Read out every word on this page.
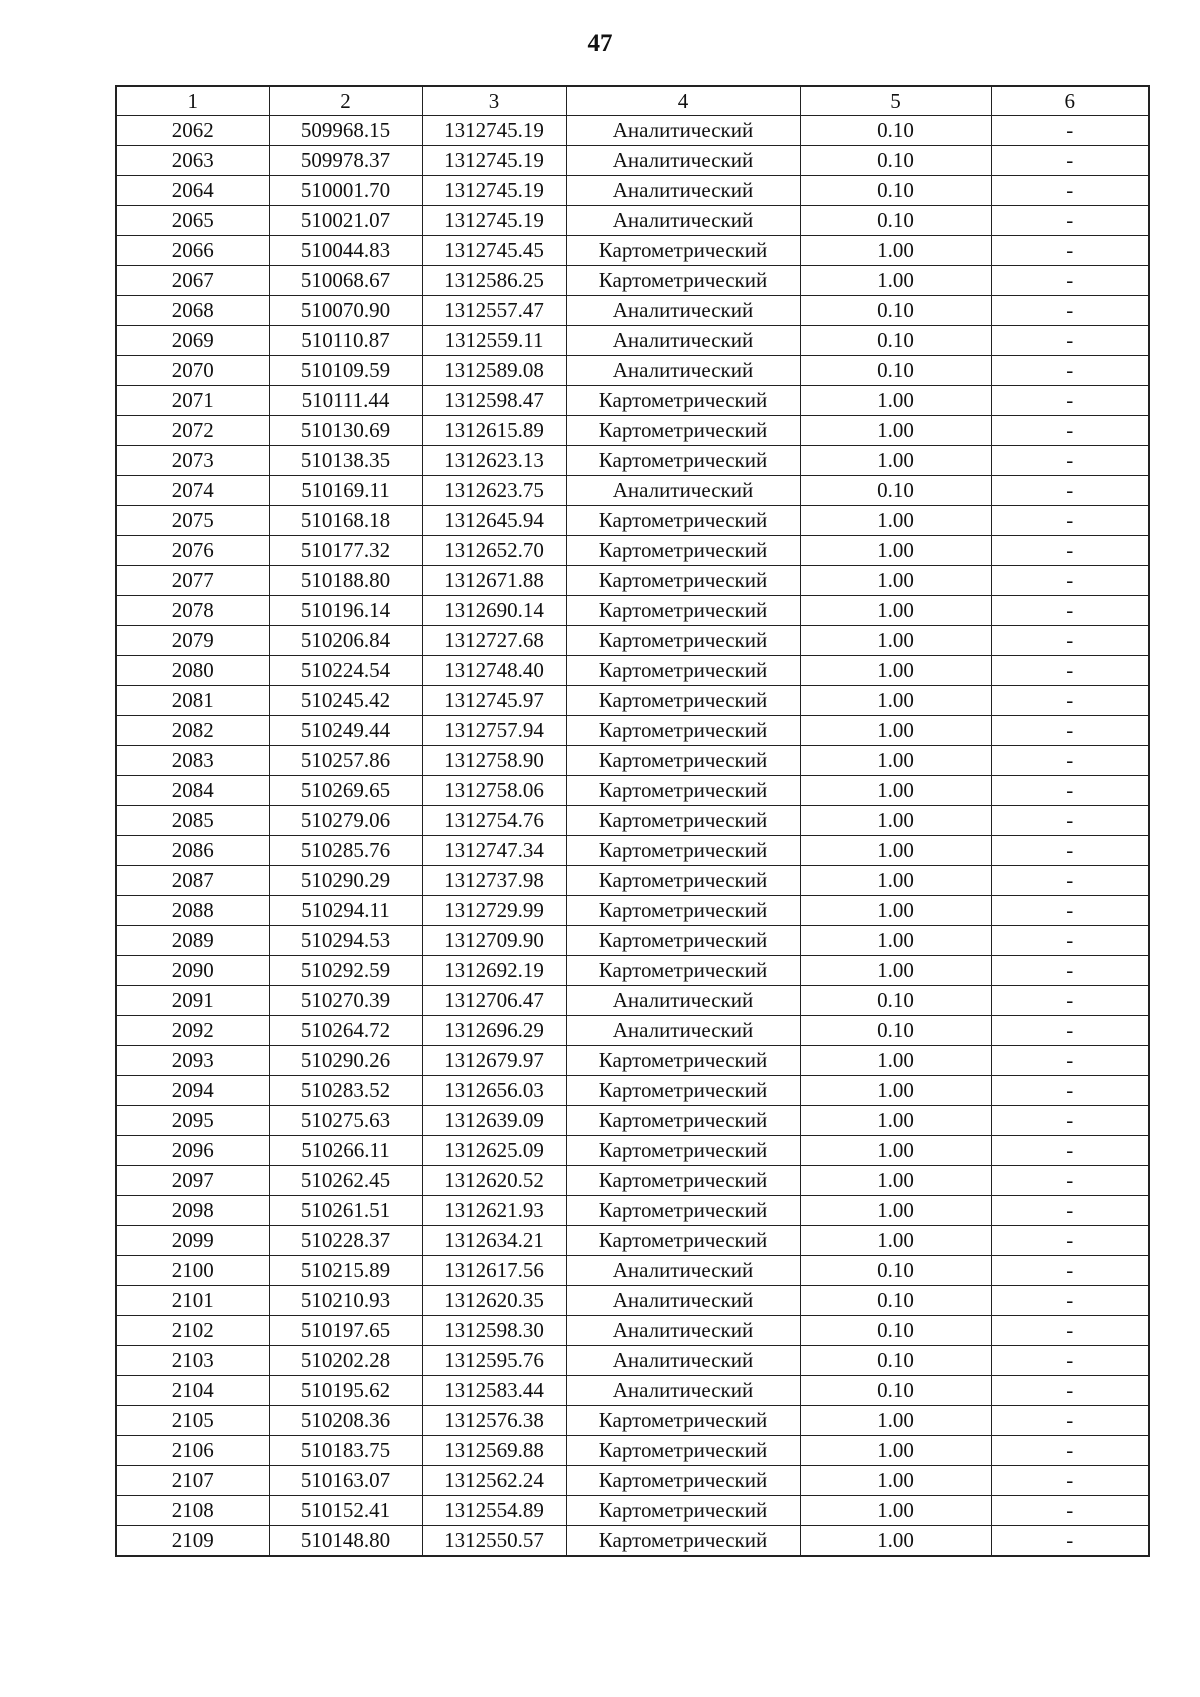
47
1	2	3	4	5	6
2062	509968.15	1312745.19	Аналитический	0.10	-
2063	509978.37	1312745.19	Аналитический	0.10	-
2064	510001.70	1312745.19	Аналитический	0.10	-
2065	510021.07	1312745.19	Аналитический	0.10	-
2066	510044.83	1312745.45	Картометрический	1.00	-
2067	510068.67	1312586.25	Картометрический	1.00	-
2068	510070.90	1312557.47	Аналитический	0.10	-
2069	510110.87	1312559.11	Аналитический	0.10	-
2070	510109.59	1312589.08	Аналитический	0.10	-
2071	510111.44	1312598.47	Картометрический	1.00	-
2072	510130.69	1312615.89	Картометрический	1.00	-
2073	510138.35	1312623.13	Картометрический	1.00	-
2074	510169.11	1312623.75	Аналитический	0.10	-
2075	510168.18	1312645.94	Картометрический	1.00	-
2076	510177.32	1312652.70	Картометрический	1.00	-
2077	510188.80	1312671.88	Картометрический	1.00	-
2078	510196.14	1312690.14	Картометрический	1.00	-
2079	510206.84	1312727.68	Картометрический	1.00	-
2080	510224.54	1312748.40	Картометрический	1.00	-
2081	510245.42	1312745.97	Картометрический	1.00	-
2082	510249.44	1312757.94	Картометрический	1.00	-
2083	510257.86	1312758.90	Картометрический	1.00	-
2084	510269.65	1312758.06	Картометрический	1.00	-
2085	510279.06	1312754.76	Картометрический	1.00	-
2086	510285.76	1312747.34	Картометрический	1.00	-
2087	510290.29	1312737.98	Картометрический	1.00	-
2088	510294.11	1312729.99	Картометрический	1.00	-
2089	510294.53	1312709.90	Картометрический	1.00	-
2090	510292.59	1312692.19	Картометрический	1.00	-
2091	510270.39	1312706.47	Аналитический	0.10	-
2092	510264.72	1312696.29	Аналитический	0.10	-
2093	510290.26	1312679.97	Картометрический	1.00	-
2094	510283.52	1312656.03	Картометрический	1.00	-
2095	510275.63	1312639.09	Картометрический	1.00	-
2096	510266.11	1312625.09	Картометрический	1.00	-
2097	510262.45	1312620.52	Картометрический	1.00	-
2098	510261.51	1312621.93	Картометрический	1.00	-
2099	510228.37	1312634.21	Картометрический	1.00	-
2100	510215.89	1312617.56	Аналитический	0.10	-
2101	510210.93	1312620.35	Аналитический	0.10	-
2102	510197.65	1312598.30	Аналитический	0.10	-
2103	510202.28	1312595.76	Аналитический	0.10	-
2104	510195.62	1312583.44	Аналитический	0.10	-
2105	510208.36	1312576.38	Картометрический	1.00	-
2106	510183.75	1312569.88	Картометрический	1.00	-
2107	510163.07	1312562.24	Картометрический	1.00	-
2108	510152.41	1312554.89	Картометрический	1.00	-
2109	510148.80	1312550.57	Картометрический	1.00	-
